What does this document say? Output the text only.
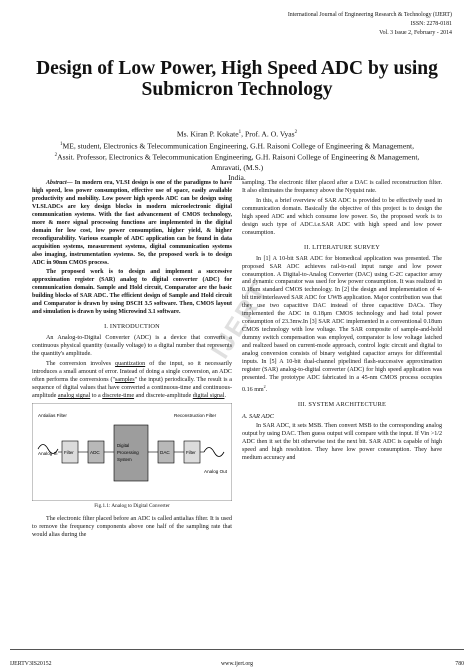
International Journal of Engineering Research & Technology (IJERT)
ISSN: 2278-0181
Vol. 3 Issue 2, February - 2014
Design of Low Power, High Speed ADC by using
Submicron Technology
Ms. Kiran P. Kokate$^1$, Prof. A. O. Vyas$^2$
$^1$ME, student, Electronics & Telecommunication Engineering, G.H. Raisoni College of Engineering & Management,
$^2$Assit. Professor, Electronics & Telecommunication Engineering, G.H. Raisoni College of Engineering & Management,
Amravati, (M.S.)
India.

Abstract— In modern era, VLSI design is one of the paradigms to have high speed, less power consumption, effective use of space, easily available productivity and mobility. Low power high speeds ADC can be design using VLSI.ADCs are key design blocks in modern microelectronic digital communication systems. With the fast advancement of CMOS technology, more & more signal processing functions are implemented in the digital domain for low cost, low power consumption, higher yield, & higher reconfigurability. Various example of ADC application can be found in data acquisition systems, measurement systems, digital communication systems also imaging, instrumentation systems. So, the proposed work is to design ADC in 90nm CMOS process.

The proposed work is to design and implement a successive approximation register (SAR) analog to digital converter (ADC) for communication domain. Sample and Hold circuit, Comparator are the basic building blocks of SAR ADC. The efficient design of Sample and Hold circuit and Comparator is drawn by using DSCH 3.5 software. Then, CMOS layout and simulation is drawn by using Microwind 3.1 software.

I. INTRODUCTION

An Analog-to-Digital Converter (ADC) is a device that converts a continuous physical quantity (usually voltage) to a digital number that represents the quantity's amplitude.

The conversion involves quantization of the input, so it necessarily introduces a small amount of error. Instead of doing a single conversion, an ADC often performs the conversions ("samples" the input) periodically. The result is a sequence of digital values that have converted a continuous-time and continuous-amplitude analog signal to a discrete-time and discrete-amplitude digital signal.

Antialias Filter
Analog In Filter	ADC
Digital
Processing
System
DAC	Filter
Reconstruction Filter
Analog Out
Fig.1.1: Analog to Digital Converter

The electronic filter placed before an ADC is called antialias filter. It is used to remove the frequency components above one half of the sampling rate that would alias during the

sampling. The electronic filter placed after a DAC is called reconstruction filter. It also eliminates the frequency above the Nyquist rate.

In this, a brief overview of SAR ADC is provided to be effectively used in communication domain. Basically the objective of this project is to design the high speed ADC and which consume low power. So, the proposed work is to design such type of ADC.i.e.SAR ADC with high speed and low power consumption.

II. LITERATURE SURVEY

In [1] A 10-bit SAR ADC for biomedical application was presented. The proposed SAR ADC achieves rail-to-rail input range and low power consumption. A Digital-to-Analog Converter (DAC) using C-2C capacitor array and dynamic comparator was used for low power consumption. It was realized in 0.18um standard CMOS technology. In [2] the design and implementation of 4-bit time interleaved SAR ADC for UWB application. Major contribution was that they use two capacitive DAC instead of three capacitive DACs. They implemented the ADC in 0.18μm CMOS technology and had total power consumption of 23.3mw.In [3] SAR ADC implemented in a conventional 0.18um CMOS technology with low voltage. The SAR composite of sample-and-hold dummy switch compensation was employed, comparator is low voltage latched and realized based on current-mode approach, control logic circuit and digital to analog conversion consists of binary weighted capacitor arrays for differential inputs. In [5] A 10-bit dual-channel pipelined flash-successive approximation register (SAR) analog-to-digital converter (ADC) for high speed application was presented. The prototype ADC fabricated in a 45-nm CMOS process occupies 0.16 $mm^2$.

III. SYSTEM ARCHITECTURE
A. SAR ADC

In SAR ADC, it sets MSB. Then convert MSB to the corresponding analog output by using DAC. Then guess output will compare with the input. If Vin >1/2 ADC then it set the bit otherwise test the next bit. SAR ADC is capable of high speed and high resolution. They have low power consumption. They have medium accuracy and

IJERT
IJERTV3IS20152	www.ijert.org	780
